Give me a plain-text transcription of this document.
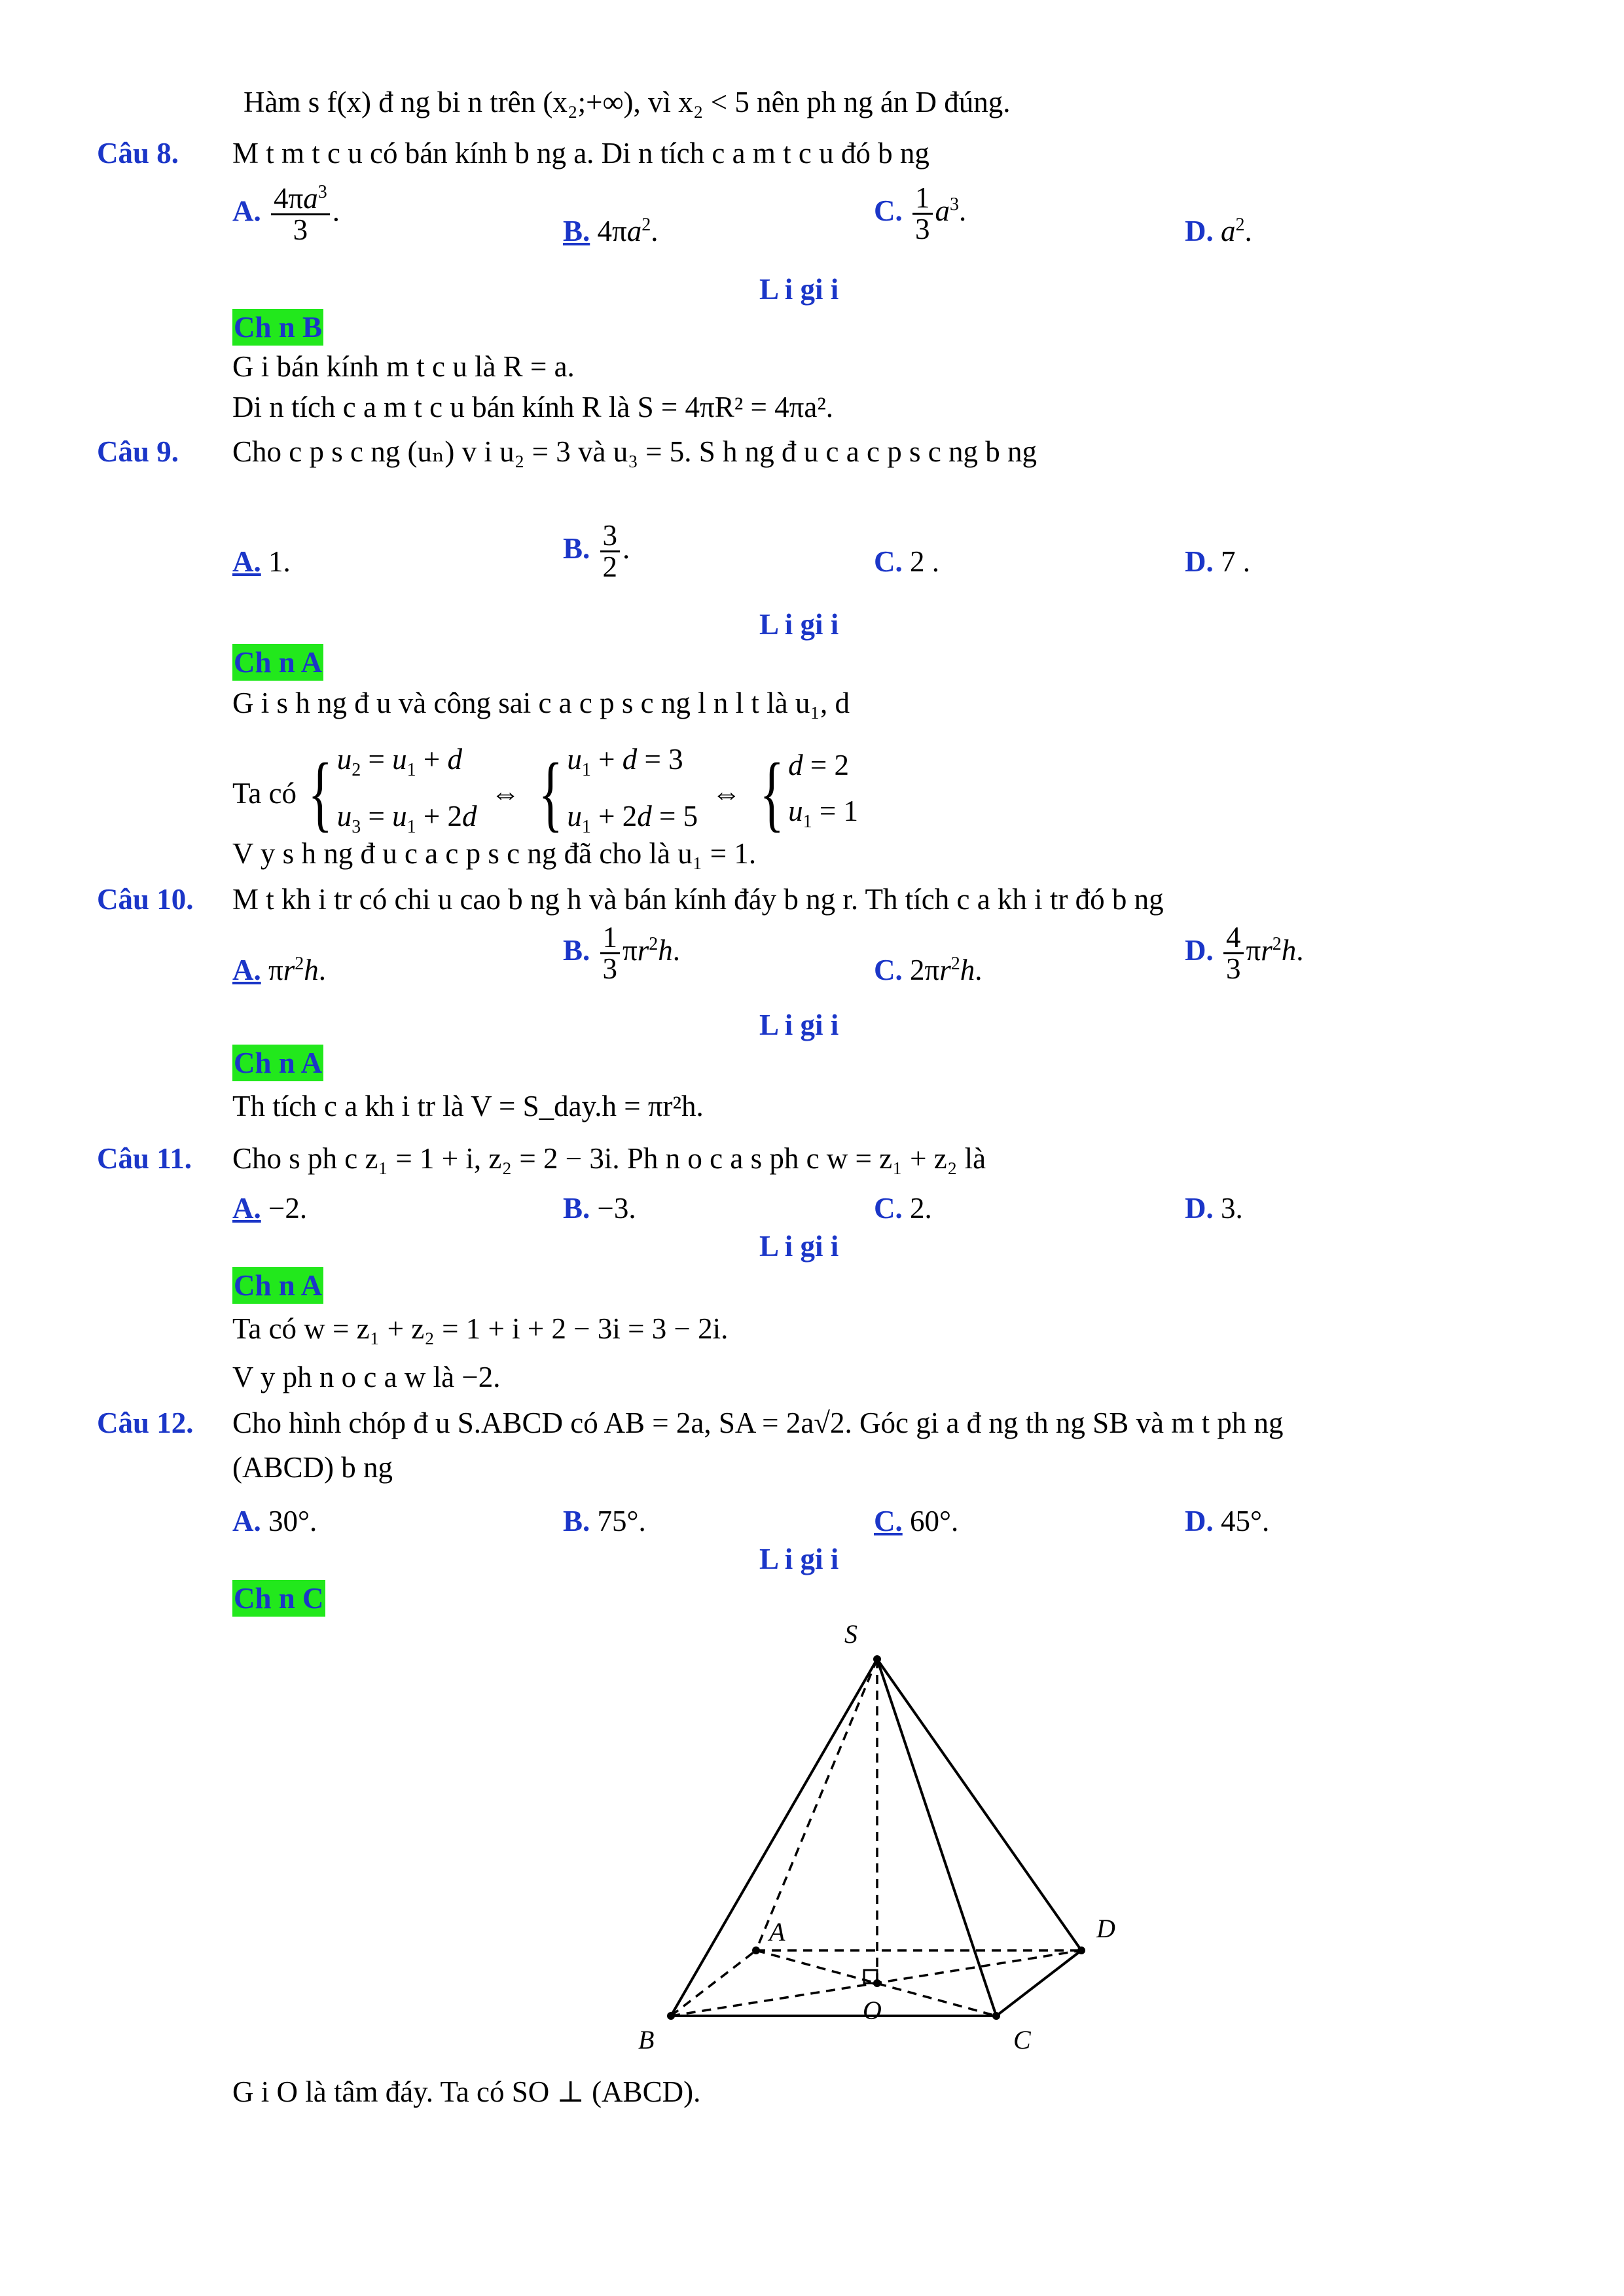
Hàm s f(x) đ ng bi n trên (x₂;+∞), vì x₂ < 5 nên ph ng án D đúng.
Câu 8. M t m t c u có bán kính b ng a. Di n tích c a m t c u đó b ng
A. $\frac{4\pi a^3}{3}$ .
B. $4\pi a^2$.
C. $\frac{1}{3} a^3$.
D. $a^2$.
L i gi i
Ch n B
G i bán kính m t c u là R = a.
Di n tích c a m t c u bán kính R là S = 4πR² = 4πa².
Câu 9. Cho c p s c ng (uₙ) v i u₂ = 3 và u₃ = 5. S h ng đ u c a c p s c ng b ng
A. 1.	B. $\frac{3}{2}$ .	C. 2 .	D. 7 .
L i gi i
Ch n A
G i s h ng đ u và công sai c a c p s c ng l n l t là u₁, d
Ta có { $u_2 = u_1 + d$
$u_3 = u_1 + 2d$ ⇔ { $u_1 + d = 3$
$u_1 + 2d = 5$ ⇔ { d = 2
$u_1 = 1$
V y s h ng đ u c a c p s c ng đã cho là u₁ = 1.
Câu 10. M t kh i tr có chi u cao b ng h và bán kính đáy b ng r. Th tích c a kh i tr đó b ng
A. $\pi r^2h$.
B. $\frac{1}{3} \pi r^2h$.
C. $2\pi r^2h$.
D. $\frac{4}{3} \pi r^2h$.
L i gi i
Ch n A
Th tích c a kh i tr là V = S_day.h = πr²h.
Câu 11. Cho s ph c z₁ = 1 + i, z₂ = 2 − 3i. Ph n o c a s ph c w = z₁ + z₂ là
A. −2.	B. −3.	C. 2.	D. 3.
L i gi i
Ch n A
Ta có w = z₁ + z₂ = 1 + i + 2 − 3i = 3 − 2i.
V y ph n o c a w là −2.
Câu 12. Cho hình chóp đ u S.ABCD có AB = 2a, SA = 2a√2. Góc gi a đ ng th ng SB và m t ph ng
(ABCD) b ng
A. 30°.	B. 75°.	C. 60°.	D. 45°.
L i gi i
Ch n C
S
A
B	C
D
O
G i O là tâm đáy. Ta có SO ⊥ (ABCD).
